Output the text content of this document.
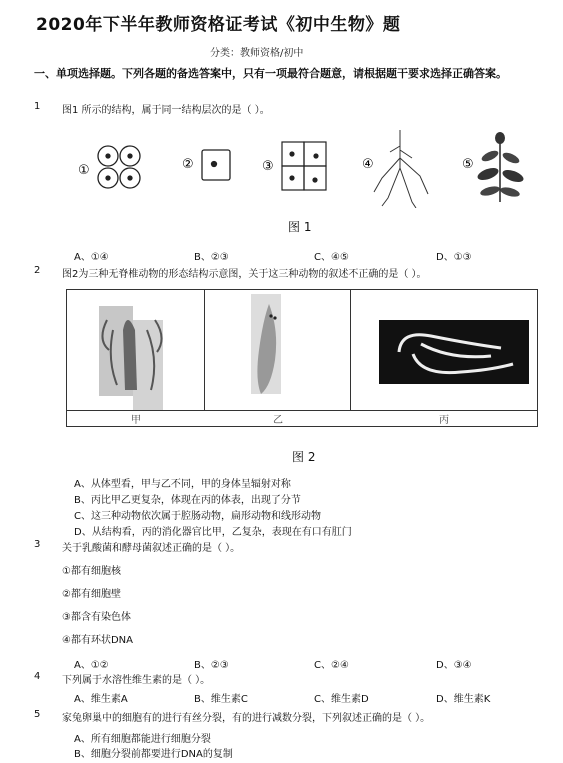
2020年下半年教师资格证考试《初中生物》题
分类：教师资格/初中
一、单项选择题。下列各题的备选答案中，只有一项最符合题意，请根据题干要求选择正确答案。
1 图1 所示的结构，属于同一结构层次的是（ ）。
①	②	③	④	⑤
图 1
A、①④	B、②③	C、④⑤	D、①③
2 图2为三种无脊椎动物的形态结构示意图，关于这三种动物的叙述不正确的是（ ）。
甲	乙	丙
图 2
A、从体型看，甲与乙不同，甲的身体呈辐射对称
B、丙比甲乙更复杂，体现在丙的体表，出现了分节
C、这三种动物依次属于腔肠动物，扁形动物和线形动物
D、从结构看，丙的消化器官比甲，乙复杂，表现在有口有肛门
3 关于乳酸菌和酵母菌叙述正确的是（ ）。
①都有细胞核
②都有细胞壁
③都含有染色体
④都有环状DNA
A、①②	B、②③	C、②④	D、③④
4 下列属于水溶性维生素的是（ ）。
A、维生素A	B、维生素C	C、维生素D	D、维生素K
5 家兔卵巢中的细胞有的进行有丝分裂，有的进行减数分裂，下列叙述正确的是（ ）。
A、所有细胞都能进行细胞分裂
B、细胞分裂前都要进行DNA的复制
